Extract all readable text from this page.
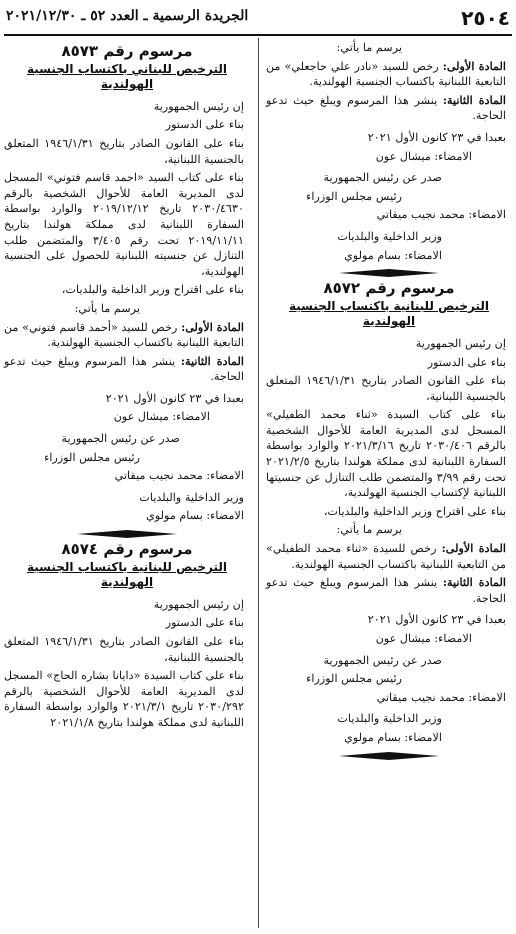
٢٥٠٤
الجريدة الرسمية ـ العدد ٥٢ ـ ٢٠٢١/١٢/٣٠

يرسم ما يأتي:

المادة الأولى: رخص للسيد «نادر علي حاجعلي» من التابعية اللبنانية باكتساب الجنسية الهولندية.

المادة الثانية: ينشر هذا المرسوم ويبلغ حيث تدعو الحاجة.

بعبدا في ٢٣ كانون الأول ٢٠٢١

الامضاء: ميشال عون

صدر عن رئيس الجمهورية

رئيس مجلس الوزراء

الامضاء: محمد نجيب ميقاتي

وزير الداخلية والبلديات

الامضاء: بسام مولوي

مرسوم رقم ٨٥٧٢
الترخيص للبنانية باكتساب الجنسية الهولندية

إن رئيس الجمهورية

بناء على الدستور

بناء على القانون الصادر بتاريخ ١٩٤٦/١/٣١ المتعلق بالجنسية اللبنانية،

بناء على كتاب السيدة «ثناء محمد الطفيلي» المسجل لدى المديرية العامة للأحوال الشخصية بالرقم ٢٠٣٠/٤٠٦ تاريخ ٢٠٢١/٣/١٦ والوارد بواسطة السفارة اللبنانية لدى مملكة هولندا بتاريخ ٢٠٢١/٢/٥ تحت رقم ٣/٩٩ والمتضمن طلب التنازل عن جنسيتها اللبنانية لإكتساب الجنسية الهولندية،

بناء على اقتراح وزير الداخلية والبلديات،

يرسم ما يأتي:

المادة الأولى: رخص للسيدة «ثناء محمد الطفيلي» من التابعية اللبنانية باكتساب الجنسية الهولندية.

المادة الثانية: ينشر هذا المرسوم ويبلغ حيث تدعو الحاجة.

بعبدا في ٢٣ كانون الأول ٢٠٢١

الامضاء: ميشال عون

صدر عن رئيس الجمهورية

رئيس مجلس الوزراء

الامضاء: محمد نجيب ميقاتي

وزير الداخلية والبلديات

الامضاء: بسام مولوي

مرسوم رقم ٨٥٧٣
الترخيص للبناني باكتساب الجنسية الهولندية

إن رئيس الجمهورية

بناء على الدستور

بناء على القانون الصادر بتاريخ ١٩٤٦/١/٣١ المتعلق بالجنسية اللبنانية،

بناء على كتاب السيد «احمد قاسم فتوني» المسجل لدى المديرية العامة للأحوال الشخصية بالرقم ٢٠٣٠/٤٦٣٠ تاريخ ٢٠١٩/١٢/١٢ والوارد بواسطة السفارة اللبنانية لدى مملكة هولندا بتاريخ ٢٠١٩/١١/١١ تحت رقم ٣/٤٠٥ والمتضمن طلب التنازل عن جنسيته اللبنانية للحصول على الجنسية الهولندية،

بناء على اقتراح وزير الداخلية والبلديات،

يرسم ما يأتي:

المادة الأولى: رخص للسيد «أحمد قاسم فتوني» من التابعية اللبنانية باكتساب الجنسية الهولندية.

المادة الثانية: ينشر هذا المرسوم ويبلغ حيث تدعو الحاجة.

بعبدا في ٢٣ كانون الأول ٢٠٢١

الامضاء: ميشال عون

صدر عن رئيس الجمهورية

رئيس مجلس الوزراء

الامضاء: محمد نجيب ميقاتي

وزير الداخلية والبلديات

الامضاء: بسام مولوي

مرسوم رقم ٨٥٧٤
الترخيص للبنانية باكتساب الجنسية الهولندية

إن رئيس الجمهورية

بناء على الدستور

بناء على القانون الصادر بتاريخ ١٩٤٦/١/٣١ المتعلق بالجنسية اللبنانية،

بناء على كتاب السيدة «دايانا بشاره الحاج» المسجل لدى المديرية العامة للأحوال الشخصية بالرقم ٢٠٣٠/٢٩٢ تاريخ ٢٠٢١/٣/١ والوارد بواسطة السفارة اللبنانية لدى مملكة هولندا بتاريخ ٢٠٢١/١/٨
